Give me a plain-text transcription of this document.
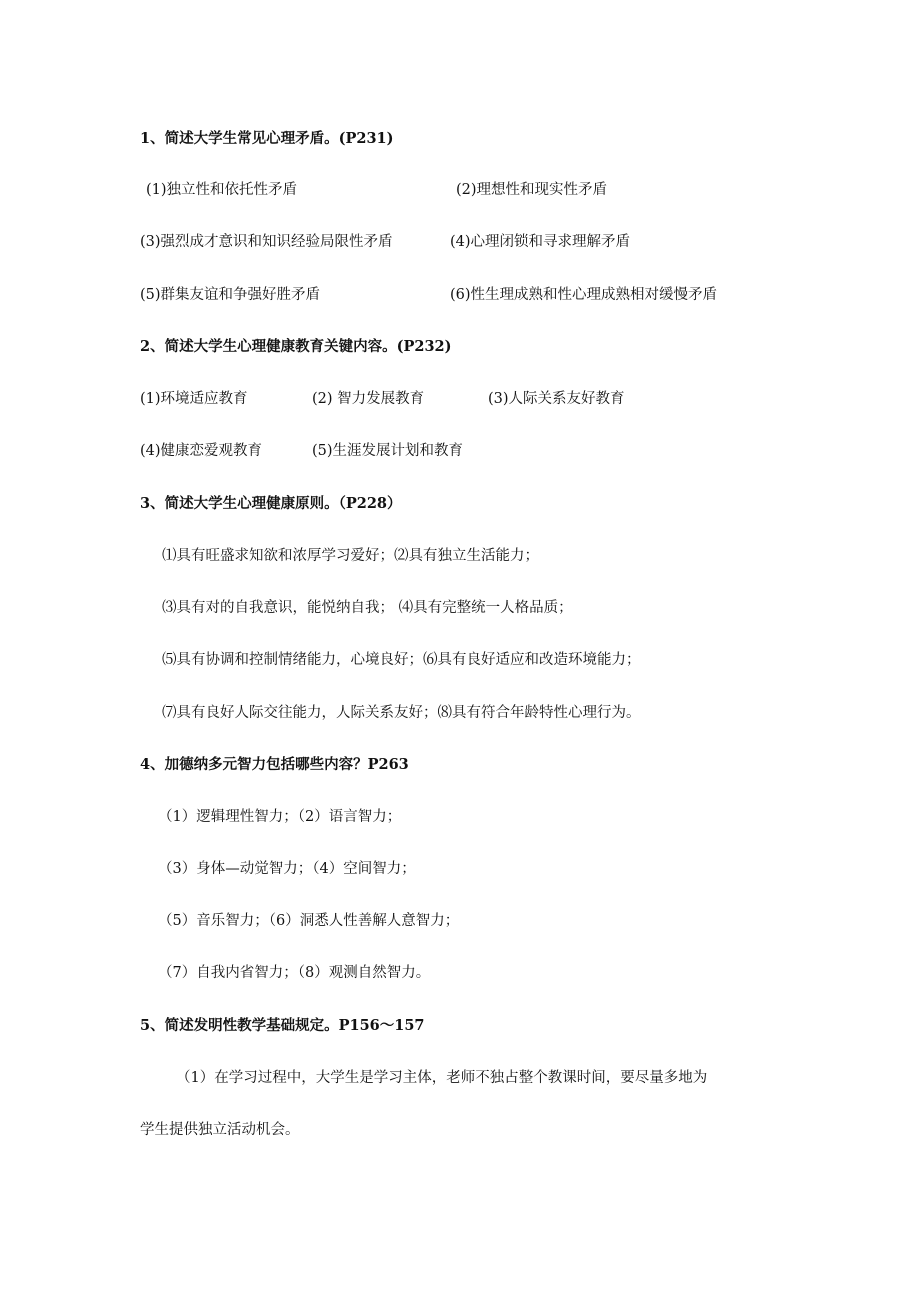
1、简述大学生常见心理矛盾。(P231)
(1)独立性和依托性矛盾	(2)理想性和现实性矛盾
(3)强烈成才意识和知识经验局限性矛盾	(4)心理闭锁和寻求理解矛盾
(5)群集友谊和争强好胜矛盾	(6)性生理成熟和性心理成熟相对缓慢矛盾
2、简述大学生心理健康教育关键内容。(P232)
(1)环境适应教育	(2) 智力发展教育	(3)人际关系友好教育
(4)健康恋爱观教育	(5)生涯发展计划和教育
3、简述大学生心理健康原则。（P228）
⑴具有旺盛求知欲和浓厚学习爱好；⑵具有独立生活能力；
⑶具有对的自我意识，能悦纳自我； ⑷具有完整统一人格品质；
⑸具有协调和控制情绪能力，心境良好；⑹具有良好适应和改造环境能力；
⑺具有良好人际交往能力，人际关系友好；⑻具有符合年龄特性心理行为。
4、加德纳多元智力包括哪些内容？P263
（1）逻辑理性智力；（2）语言智力；
（3）身体—动觉智力；（4）空间智力；
（5）音乐智力；（6）洞悉人性善解人意智力；
（7）自我内省智力；（8）观测自然智力。
5、简述发明性教学基础规定。P156～157
（1）在学习过程中，大学生是学习主体，老师不独占整个教课时间，要尽量多地为
学生提供独立活动机会。
